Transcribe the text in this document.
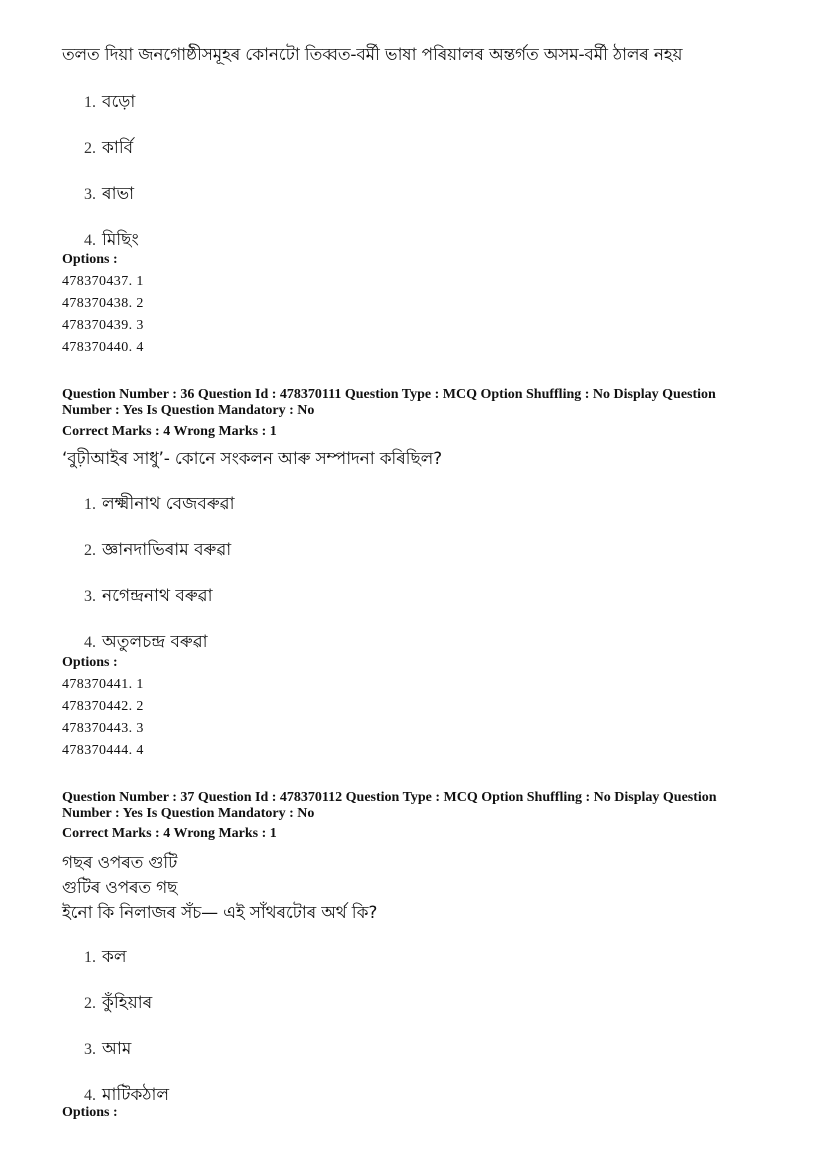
তলত দিয়া জনগোষ্ঠীসমূহৰ কোনটো তিব্বত-বৰ্মী ভাষা পৰিয়ালৰ অন্তৰ্গত অসম-বৰ্মী ঠালৰ নহয়
1. বড়ো
2. কাৰ্বি
3. ৰাভা
4. মিছিং
Options :
478370437. 1
478370438. 2
478370439. 3
478370440. 4
Question Number : 36 Question Id : 478370111 Question Type : MCQ Option Shuffling : No Display Question
Number : Yes Is Question Mandatory : No
Correct Marks : 4 Wrong Marks : 1
‘বুঢ়ীআইৰ সাধু’- কোনে সংকলন আৰু সম্পাদনা কৰিছিল?
1. লক্ষ্মীনাথ বেজবৰুৱা
2. জ্ঞানদাভিৰাম বৰুৱা
3. নগেন্দ্ৰনাথ বৰুৱা
4. অতুলচন্দ্ৰ বৰুৱা
Options :
478370441. 1
478370442. 2
478370443. 3
478370444. 4
Question Number : 37 Question Id : 478370112 Question Type : MCQ Option Shuffling : No Display Question
Number : Yes Is Question Mandatory : No
Correct Marks : 4 Wrong Marks : 1
গছৰ ওপৰত গুটি
গুটিৰ ওপৰত গছ
ইনো কি নিলাজৰ সঁচ— এই সাঁথৰটোৰ অৰ্থ কি?
1. কল
2. কুঁহিয়াৰ
3. আম
4. মাটিকঠাল
Options :
